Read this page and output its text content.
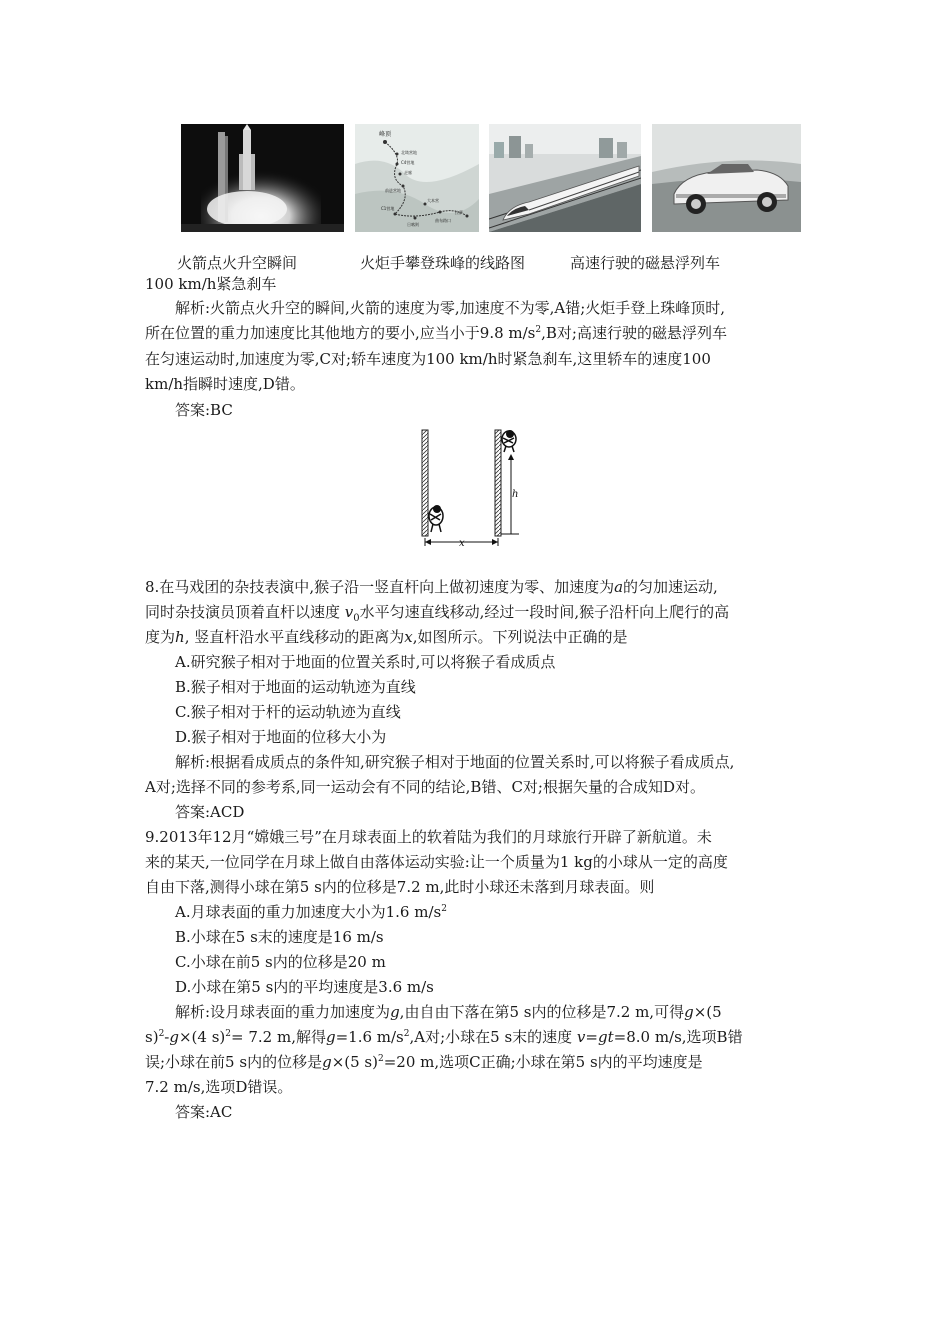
峰顶
北坳营地
C4营地
走廊
前进营地
大本营
C1营地
日喀则
拉萨
曲布路口
火箭点火升空瞬间	火炬手攀登珠峰的线路图	高速行驶的磁悬浮列车
100 km/h紧急刹车
解析:火箭点火升空的瞬间,火箭的速度为零,加速度不为零,A错;火炬手登上珠峰顶时,
所在位置的重力加速度比其他地方的要小,应当小于9.8 $m/s^2,B$对;高速行驶的磁悬浮列车
在匀速运动时,加速度为零,C对;轿车速度为100 km/h时紧急刹车,这里轿车的速度100
km/h指瞬时速度,D错。
答案:BC
h
x
8.在马戏团的杂技表演中,猴子沿一竖直杆向上做初速度为零、加速度为a的匀加速运动,
同时杂技演员顶着直杆以速度 $v_0$水平匀速直线移动,经过一段时间,猴子沿杆向上爬行的高
度为h, 竖直杆沿水平直线移动的距离为x,如图所示。下列说法中正确的是
A.研究猴子相对于地面的位置关系时,可以将猴子看成质点
B.猴子相对于地面的运动轨迹为直线
C.猴子相对于杆的运动轨迹为直线
D.猴子相对于地面的位移大小为
解析:根据看成质点的条件知,研究猴子相对于地面的位置关系时,可以将猴子看成质点,
A对;选择不同的参考系,同一运动会有不同的结论,B错、C对;根据矢量的合成知D对。
答案:ACD
9.2013年12月“嫦娥三号”在月球表面上的软着陆为我们的月球旅行开辟了新航道。未
来的某天,一位同学在月球上做自由落体运动实验:让一个质量为1 kg的小球从一定的高度
自由下落,测得小球在第5 s内的位移是7.2 m,此时小球还未落到月球表面。则
A.月球表面的重力加速度大小为1.6 $m/s^2$
B.小球在5 s末的速度是16 m/s
C.小球在前5 s内的位移是20 m
D.小球在第5 s内的平均速度是3.6 m/s
解析:设月球表面的重力加速度为g,由自由下落在第5 s内的位移是7.2 m,可得g×(5
s)$^2$-g×(4 s)$^2$= 7.2 m,解得g=1.6 $m/s^2,A$对;小球在5 s末的速度 v=gt=8.0 m/s,选项B错
误;小球在前5 s内的位移是g×(5 s)$^2$=20 m,选项C正确;小球在第5 s内的平均速度是
7.2 m/s,选项D错误。
答案:AC
